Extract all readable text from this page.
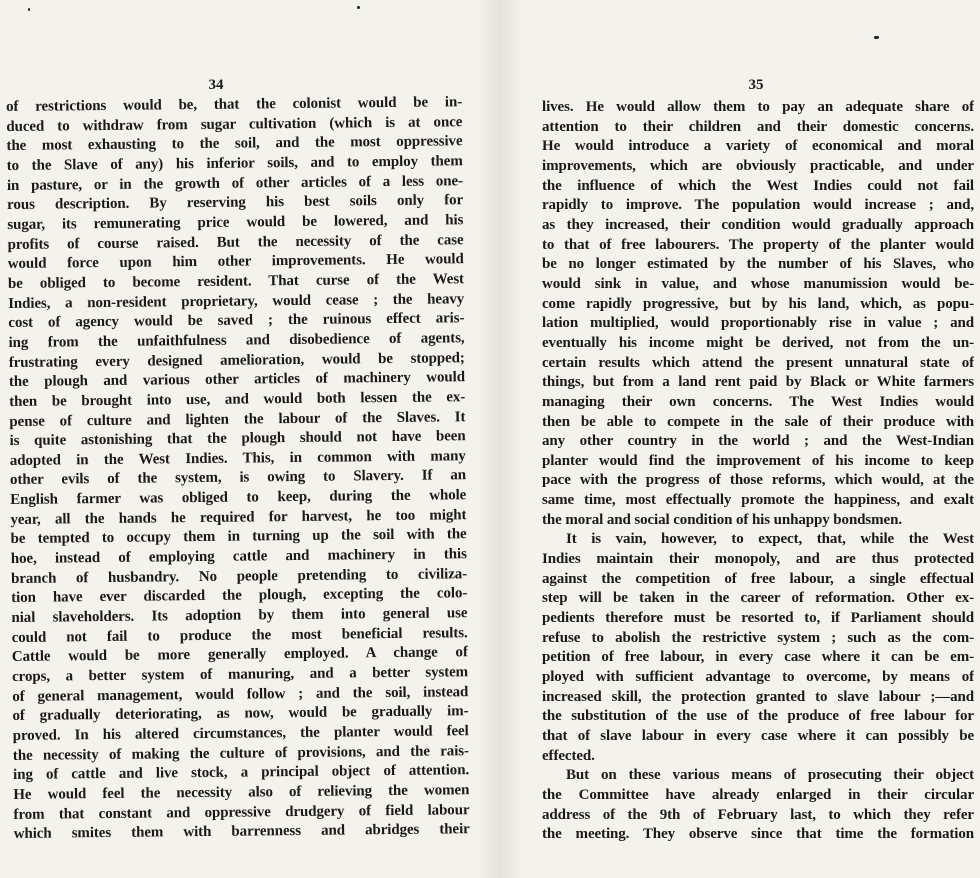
34
of restrictions would be, that the colonist would be in-
duced to withdraw from sugar cultivation (which is at once
the most exhausting to the soil, and the most oppressive
to the Slave of any) his inferior soils, and to employ them
in pasture, or in the growth of other articles of a less one-
rous description. By reserving his best soils only for
sugar, its remunerating price would be lowered, and his
profits of course raised. But the necessity of the case
would force upon him other improvements. He would
be obliged to become resident. That curse of the West
Indies, a non-resident proprietary, would cease ; the heavy
cost of agency would be saved ; the ruinous effect aris-
ing from the unfaithfulness and disobedience of agents,
frustrating every designed amelioration, would be stopped;
the plough and various other articles of machinery would
then be brought into use, and would both lessen the ex-
pense of culture and lighten the labour of the Slaves. It
is quite astonishing that the plough should not have been
adopted in the West Indies. This, in common with many
other evils of the system, is owing to Slavery. If an
English farmer was obliged to keep, during the whole
year, all the hands he required for harvest, he too might
be tempted to occupy them in turning up the soil with the
hoe, instead of employing cattle and machinery in this
branch of husbandry. No people pretending to civiliza-
tion have ever discarded the plough, excepting the colo-
nial slaveholders. Its adoption by them into general use
could not fail to produce the most beneficial results.
Cattle would be more generally employed. A change of
crops, a better system of manuring, and a better system
of general management, would follow ; and the soil, instead
of gradually deteriorating, as now, would be gradually im-
proved. In his altered circumstances, the planter would feel
the necessity of making the culture of provisions, and the rais-
ing of cattle and live stock, a principal object of attention.
He would feel the necessity also of relieving the women
from that constant and oppressive drudgery of field labour
which smites them with barrenness and abridges their
35
lives. He would allow them to pay an adequate share of
attention to their children and their domestic concerns.
He would introduce a variety of economical and moral
improvements, which are obviously practicable, and under
the influence of which the West Indies could not fail
rapidly to improve. The population would increase ; and,
as they increased, their condition would gradually approach
to that of free labourers. The property of the planter would
be no longer estimated by the number of his Slaves, who
would sink in value, and whose manumission would be-
come rapidly progressive, but by his land, which, as popu-
lation multiplied, would proportionably rise in value ; and
eventually his income might be derived, not from the un-
certain results which attend the present unnatural state of
things, but from a land rent paid by Black or White farmers
managing their own concerns. The West Indies would
then be able to compete in the sale of their produce with
any other country in the world ; and the West-Indian
planter would find the improvement of his income to keep
pace with the progress of those reforms, which would, at the
same time, most effectually promote the happiness, and exalt
the moral and social condition of his unhappy bondsmen.
It is vain, however, to expect, that, while the West
Indies maintain their monopoly, and are thus protected
against the competition of free labour, a single effectual
step will be taken in the career of reformation. Other ex-
pedients therefore must be resorted to, if Parliament should
refuse to abolish the restrictive system ; such as the com-
petition of free labour, in every case where it can be em-
ployed with sufficient advantage to overcome, by means of
increased skill, the protection granted to slave labour ;—and
the substitution of the use of the produce of free labour for
that of slave labour in every case where it can possibly be
effected.
But on these various means of prosecuting their object
the Committee have already enlarged in their circular
address of the 9th of February last, to which they refer
the meeting. They observe since that time the formation
